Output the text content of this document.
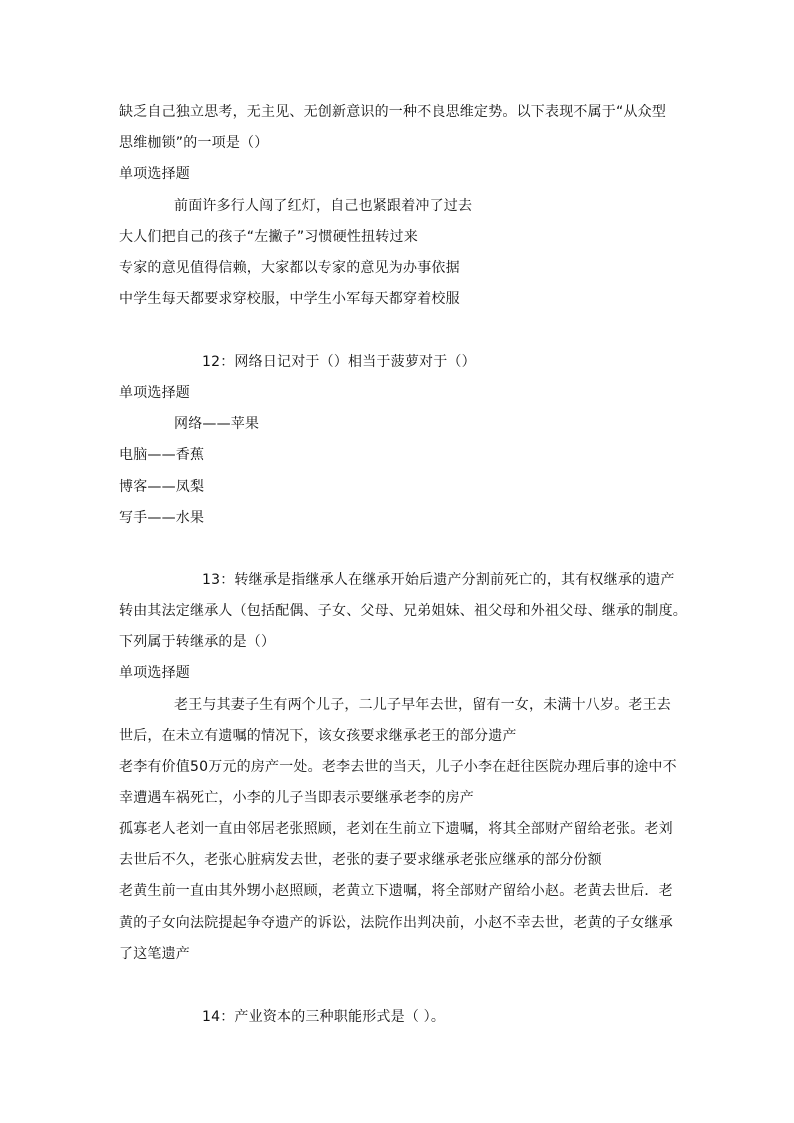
缺乏自己独立思考，无主见、无创新意识的一种不良思维定势。以下表现不属于“从众型
思维枷锁”的一项是（）
单项选择题
前面许多行人闯了红灯，自己也紧跟着冲了过去
大人们把自己的孩子“左撇子”习惯硬性扭转过来
专家的意见值得信赖，大家都以专家的意见为办事依据
中学生每天都要求穿校服，中学生小军每天都穿着校服
12：网络日记对于（）相当于菠萝对于（）
单项选择题
网络——苹果
电脑——香蕉
博客——凤梨
写手——水果
13：转继承是指继承人在继承开始后遗产分割前死亡的，其有权继承的遗产
转由其法定继承人（包括配偶、子女、父母、兄弟姐妹、祖父母和外祖父母、继承的制度。
下列属于转继承的是（）
单项选择题
老王与其妻子生有两个儿子，二儿子早年去世，留有一女，未满十八岁。老王去
世后，在未立有遗嘱的情况下，该女孩要求继承老王的部分遗产
老李有价值50万元的房产一处。老李去世的当天，儿子小李在赶往医院办理后事的途中不
幸遭遇车祸死亡，小李的儿子当即表示要继承老李的房产
孤寡老人老刘一直由邻居老张照顾，老刘在生前立下遗嘱，将其全部财产留给老张。老刘
去世后不久，老张心脏病发去世，老张的妻子要求继承老张应继承的部分份额
老黄生前一直由其外甥小赵照顾，老黄立下遗嘱，将全部财产留给小赵。老黄去世后．老
黄的子女向法院提起争夺遗产的诉讼，法院作出判决前，小赵不幸去世，老黄的子女继承
了这笔遗产
14：产业资本的三种职能形式是（ ）。
